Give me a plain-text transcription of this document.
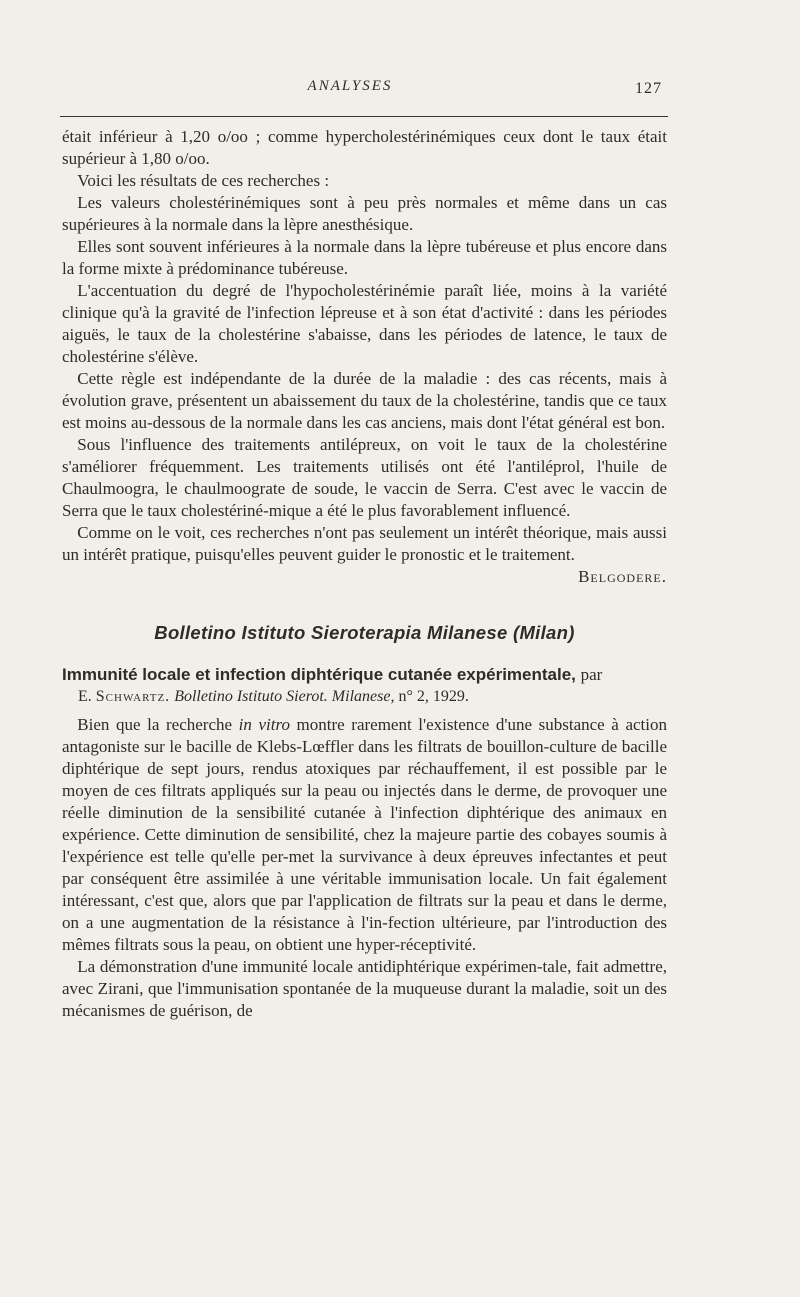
ANALYSES	127

était inférieur à 1,20 o/oo ; comme hypercholestérinémiques ceux dont le taux était supérieur à 1,80 o/oo.

Voici les résultats de ces recherches :

Les valeurs cholestérinémiques sont à peu près normales et même dans un cas supérieures à la normale dans la lèpre anesthésique.

Elles sont souvent inférieures à la normale dans la lèpre tubéreuse et plus encore dans la forme mixte à prédominance tubéreuse.

L'accentuation du degré de l'hypocholestérinémie paraît liée, moins à la variété clinique qu'à la gravité de l'infection lépreuse et à son état d'activité : dans les périodes aiguës, le taux de la cholestérine s'abaisse, dans les périodes de latence, le taux de cholestérine s'élève.

Cette règle est indépendante de la durée de la maladie : des cas récents, mais à évolution grave, présentent un abaissement du taux de la cholestérine, tandis que ce taux est moins au-dessous de la normale dans les cas anciens, mais dont l'état général est bon.

Sous l'influence des traitements antilépreux, on voit le taux de la cholestérine s'améliorer fréquemment. Les traitements utilisés ont été l'antiléprol, l'huile de Chaulmoogra, le chaulmoograte de soude, le vaccin de Serra. C'est avec le vaccin de Serra que le taux cholestériné-mique a été le plus favorablement influencé.

Comme on le voit, ces recherches n'ont pas seulement un intérêt théorique, mais aussi un intérêt pratique, puisqu'elles peuvent guider le pronostic et le traitement.

Belgodere.

Bolletino Istituto Sieroterapia Milanese (Milan)
Immunité locale et infection diphtérique cutanée expérimentale, par
E. Schwartz. Bolletino Istituto Sierot. Milanese, n° 2, 1929.

Bien que la recherche in vitro montre rarement l'existence d'une substance à action antagoniste sur le bacille de Klebs-Lœffler dans les filtrats de bouillon-culture de bacille diphtérique de sept jours, rendus atoxiques par réchauffement, il est possible par le moyen de ces filtrats appliqués sur la peau ou injectés dans le derme, de provoquer une réelle diminution de la sensibilité cutanée à l'infection diphtérique des animaux en expérience. Cette diminution de sensibilité, chez la majeure partie des cobayes soumis à l'expérience est telle qu'elle per-met la survivance à deux épreuves infectantes et peut par conséquent être assimilée à une véritable immunisation locale. Un fait également intéressant, c'est que, alors que par l'application de filtrats sur la peau et dans le derme, on a une augmentation de la résistance à l'in-fection ultérieure, par l'introduction des mêmes filtrats sous la peau, on obtient une hyper-réceptivité.

La démonstration d'une immunité locale antidiphtérique expérimen-tale, fait admettre, avec Zirani, que l'immunisation spontanée de la muqueuse durant la maladie, soit un des mécanismes de guérison, de
